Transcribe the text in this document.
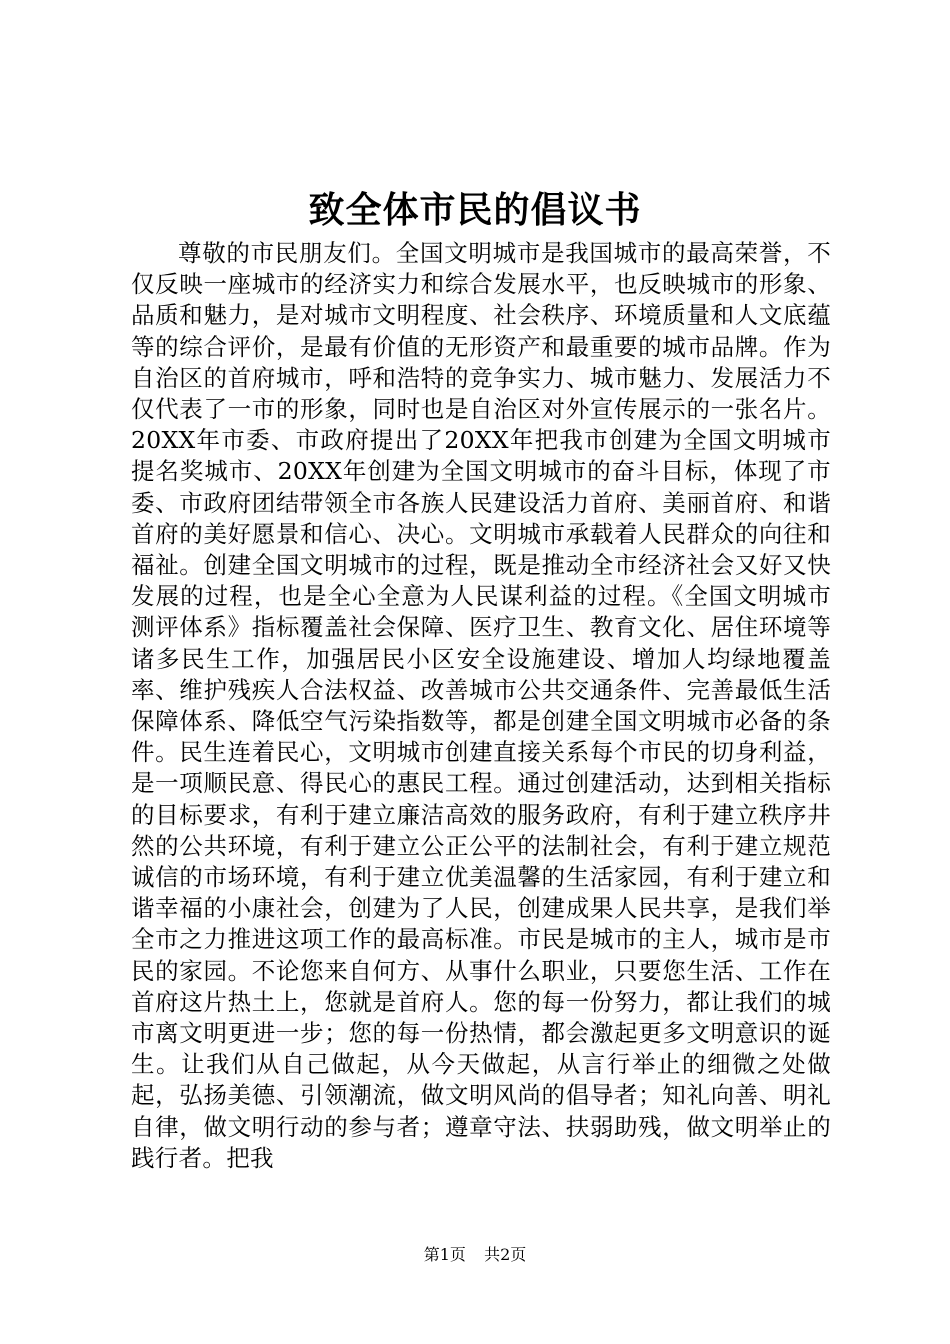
致全体市民的倡议书

尊敬的市民朋友们。全国文明城市是我国城市的最高荣誉，不仅反映一座城市的经济实力和综合发展水平，也反映城市的形象、品质和魅力，是对城市文明程度、社会秩序、环境质量和人文底蕴等的综合评价，是最有价值的无形资产和最重要的城市品牌。作为自治区的首府城市，呼和浩特的竞争实力、城市魅力、发展活力不仅代表了一市的形象，同时也是自治区对外宣传展示的一张名片。20XX年市委、市政府提出了20XX年把我市创建为全国文明城市提名奖城市、20XX年创建为全国文明城市的奋斗目标，体现了市委、市政府团结带领全市各族人民建设活力首府、美丽首府、和谐首府的美好愿景和信心、决心。文明城市承载着人民群众的向往和福祉。创建全国文明城市的过程，既是推动全市经济社会又好又快发展的过程，也是全心全意为人民谋利益的过程。《全国文明城市测评体系》指标覆盖社会保障、医疗卫生、教育文化、居住环境等诸多民生工作，加强居民小区安全设施建设、增加人均绿地覆盖率、维护残疾人合法权益、改善城市公共交通条件、完善最低生活保障体系、降低空气污染指数等，都是创建全国文明城市必备的条件。民生连着民心，文明城市创建直接关系每个市民的切身利益，是一项顺民意、得民心的惠民工程。通过创建活动，达到相关指标的目标要求，有利于建立廉洁高效的服务政府，有利于建立秩序井然的公共环境，有利于建立公正公平的法制社会，有利于建立规范诚信的市场环境，有利于建立优美温馨的生活家园，有利于建立和谐幸福的小康社会，创建为了人民，创建成果人民共享，是我们举全市之力推进这项工作的最高标准。市民是城市的主人，城市是市民的家园。不论您来自何方、从事什么职业，只要您生活、工作在首府这片热土上，您就是首府人。您的每一份努力，都让我们的城市离文明更进一步；您的每一份热情，都会激起更多文明意识的诞生。让我们从自己做起，从今天做起，从言行举止的细微之处做起，弘扬美德、引领潮流，做文明风尚的倡导者；知礼向善、明礼自律，做文明行动的参与者；遵章守法、扶弱助残，做文明举止的践行者。把我

第1页 共2页
